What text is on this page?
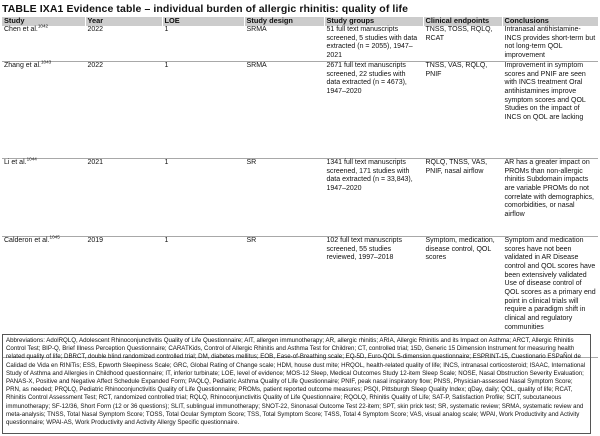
TABLE IXA1 Evidence table – individual burden of allergic rhinitis: quality of life
Study	Year	LOE	Study design	Study groups	Clinical endpoints	Conclusions
Chen et al.$^{1042}$	2022	1	SRMA	51 full text manuscripts screened, 5 studies with data extracted (n = 2055), 1947–2021	TNSS, TOSS, RQLQ, RCAT	Intranasal antihistamine-INCS provides short-term but not long-term QOL improvement
Zhang et al.$^{1043}$	2022	1	SRMA	2671 full text manuscripts screened, 22 studies with data extracted (n = 4673), 1947–2020	TNSS, VAS, RQLQ, PNIF	Improvement in symptom scores and PNIF are seen with INCS treatment Oral antihistamines improve symptom scores and QOL Studies on the impact of INCS on QOL are lacking
Li et al.$^{1044}$	2021	1	SR	1341 full text manuscripts screened, 171 studies with data extracted (n = 33,843), 1947–2020	RQLQ, TNSS, VAS, PNIF, nasal airflow	AR has a greater impact on PROMs than non-allergic rhinitis Subdomain impacts are variable PROMs do not correlate with demographics, comorbidities, or nasal airflow
Calderon et al.$^{1045}$	2019	1	SR	102 full text manuscripts screened, 55 studies reviewed, 1997–2018	Symptom, medication, disease control, QOL scores	Symptom and medication scores have not been validated in AR Disease control and QOL scores have been extensively validated Use of disease control of QOL scores as a primary end point in clinical trials will require a paradigm shift in clinical and regulatory communities
Abbreviations: AdolRQLQ, Adolescent Rhinoconjunctivitis Quality of Life Questionnaire; AIT, allergen immunotherapy; AR, allergic rhinitis; ARIA, Allergic Rhinitis and its Impact on Asthma; ARCT, Allergic Rhinitis Control Test; BIP-Q, Brief Illness Perception Questionnaire; CARATKids, Control of Allergic Rhinitis and Asthma Test for Children; CT, controlled trial; 15D, Generic 15 Dimension Instrument for measuring health related quality of life; DBRCT, double blind randomized controlled trial; DM, diabetes mellitus; EOB, Ease-of-Breathing scale; EQ-5D, Euro-QOL 5-dimension questionnaire; ESPRINT-15, Cuestionario ESPaÑol de Calidad de Vida en RINiTis; ESS, Epworth Sleepiness Scale; GRC, Global Rating of Change scale; HDM, house dust mite; HRQOL, health-related quality of life; INCS, intranasal corticosteroid; ISAAC, International Study of Asthma and Allergies in Childhood questionnaire; IT, inferior turbinate; LOE, level of evidence; MOS-12 Sleep, Medical Outcomes Study 12-item Sleep Scale; NOSE, Nasal Obstruction Severity Evaluation; PANAS-X, Positive and Negative Affect Schedule Expanded Form; PAQLQ, Pediatric Asthma Quality of Life Questionnaire; PNIF, peak nasal inspiratory flow; PNSS, Physician-assessed Nasal Symptom Score; PRN, as needed; PRQLQ, Pediatric Rhinoconjunctivitis Quality of Life Questionnaire; PROMs, patient reported outcome measures; PSQI, Pittsburgh Sleep Quality Index; qDay, daily; QOL, quality of life; RCAT, Rhinitis Control Assessment Test; RCT, randomized controlled trial; RQLQ, Rhinoconjunctivitis Quality of Life Questionnaire; RQOLQ, Rhinitis Quality of Life; SAT-P, Satisfaction Profile; SCIT, subcutaneous immunotherapy; SF-12/36, Short Form (12 or 36 questions); SLIT, sublingual immunotherapy; SNOT-22, Sinonasal Outcome Test 22-item; SPT, skin prick test; SR, systematic review; SRMA, systematic review and meta-analysis; TNSS, Total Nasal Symptom Score; TOSS, Total Ocular Symptom Score; TSS, Total Symptom Score; T4SS, Total 4 Symptom Score; VAS, visual analog scale; WPAI, Work Productivity and Activity questionnaire; WPAI-AS, Work Productivity and Activity Allergy Specific questionnaire.
